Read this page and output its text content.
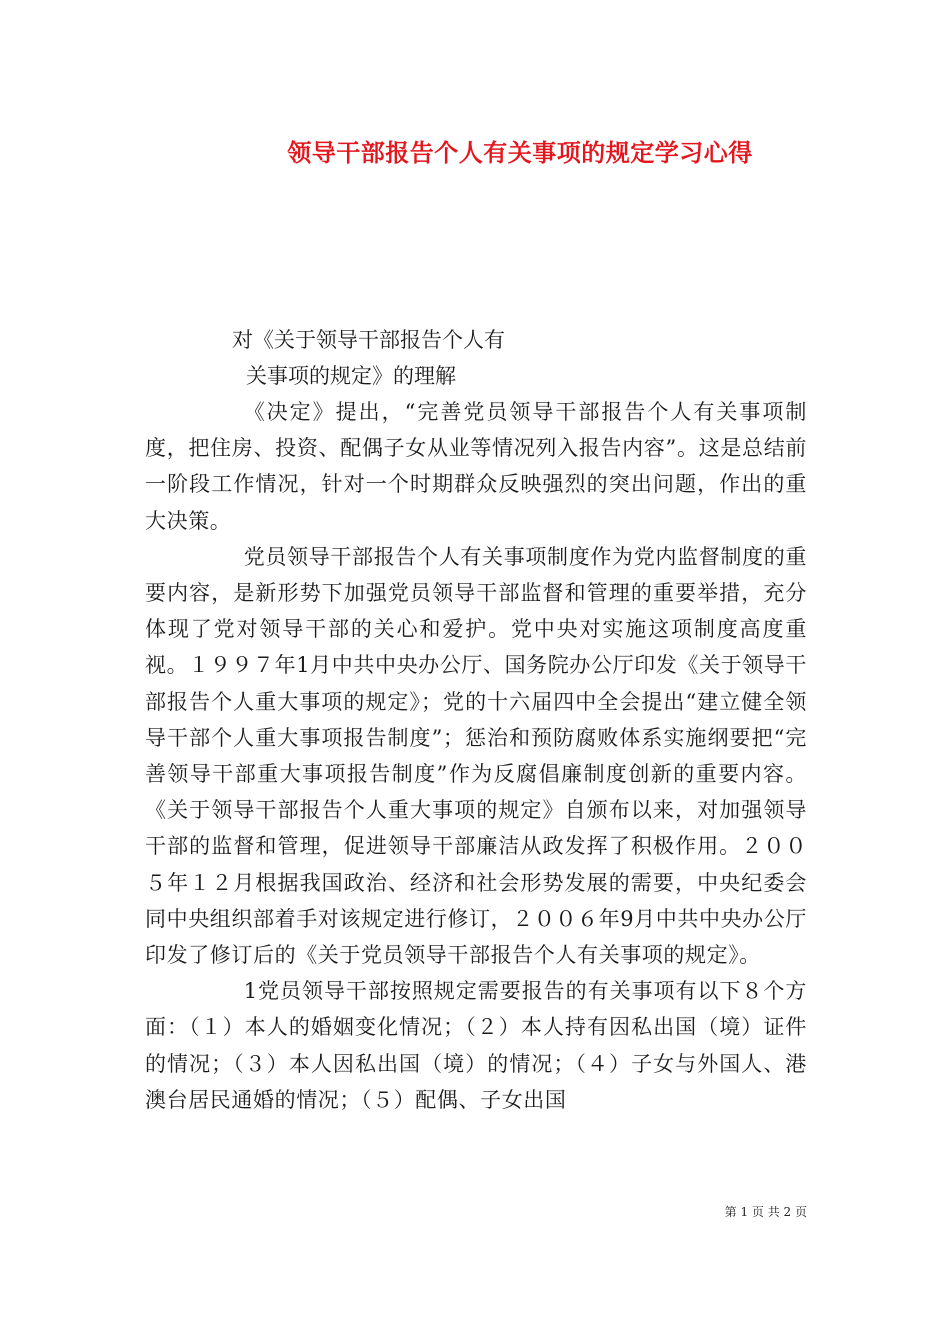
领导干部报告个人有关事项的规定学习心得
对《关于领导干部报告个人有
关事项的规定》的理解

《决定》提出，“完善党员领导干部报告个人有关事项制度，把住房、投资、配偶子女从业等情况列入报告内容”。这是总结前一阶段工作情况，针对一个时期群众反映强烈的突出问题，作出的重大决策。

党员领导干部报告个人有关事项制度作为党内监督制度的重要内容，是新形势下加强党员领导干部监督和管理的重要举措，充分体现了党对领导干部的关心和爱护。党中央对实施这项制度高度重视。１９９７年1月中共中央办公厅、国务院办公厅印发《关于领导干部报告个人重大事项的规定》；党的十六届四中全会提出“建立健全领导干部个人重大事项报告制度”；惩治和预防腐败体系实施纲要把“完善领导干部重大事项报告制度”作为反腐倡廉制度创新的重要内容。《关于领导干部报告个人重大事项的规定》自颁布以来，对加强领导干部的监督和管理，促进领导干部廉洁从政发挥了积极作用。２００５年１２月根据我国政治、经济和社会形势发展的需要，中央纪委会同中央组织部着手对该规定进行修订，２００６年9月中共中央办公厅印发了修订后的《关于党员领导干部报告个人有关事项的规定》。

1党员领导干部按照规定需要报告的有关事项有以下８个方面：（１）本人的婚姻变化情况；（２）本人持有因私出国（境）证件的情况；（３）本人因私出国（境）的情况；（４）子女与外国人、港澳台居民通婚的情况；（５）配偶、子女出国

第 1 页 共 2 页
